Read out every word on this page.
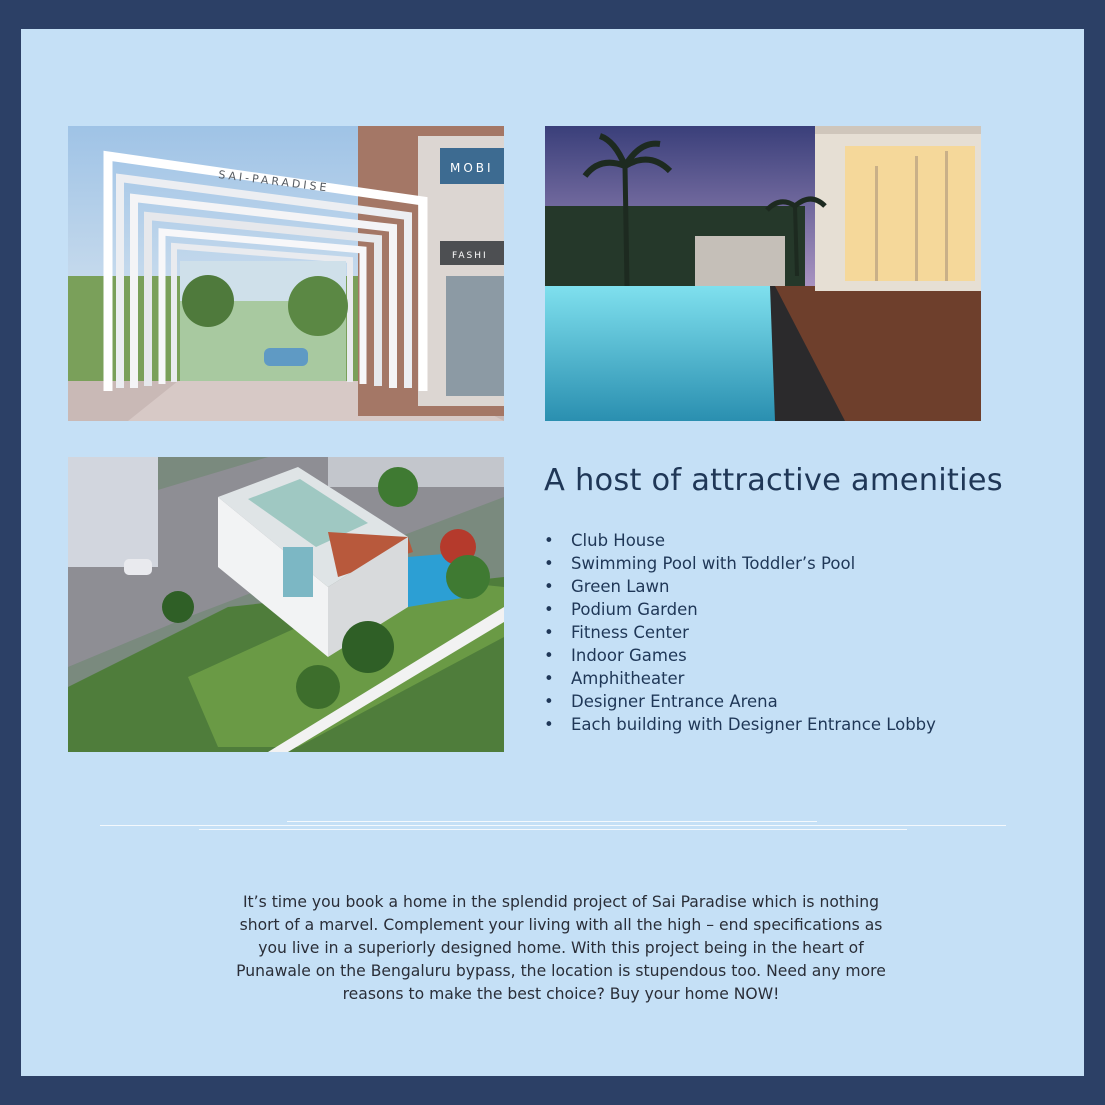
MOBI
FASHI
SAI-PARADISE
A host of attractive amenities
• Club House
• Swimming Pool with Toddler’s Pool
• Green Lawn
• Podium Garden
• Fitness Center
• Indoor Games
• Amphitheater
• Designer Entrance Arena
• Each building with Designer Entrance Lobby

It’s time you book a home in the splendid project of Sai Paradise which is nothing
short of a marvel. Complement your living with all the high – end specifications as
you live in a superiorly designed home. With this project being in the heart of
Punawale on the Bengaluru bypass, the location is stupendous too. Need any more
reasons to make the best choice? Buy your home NOW!
